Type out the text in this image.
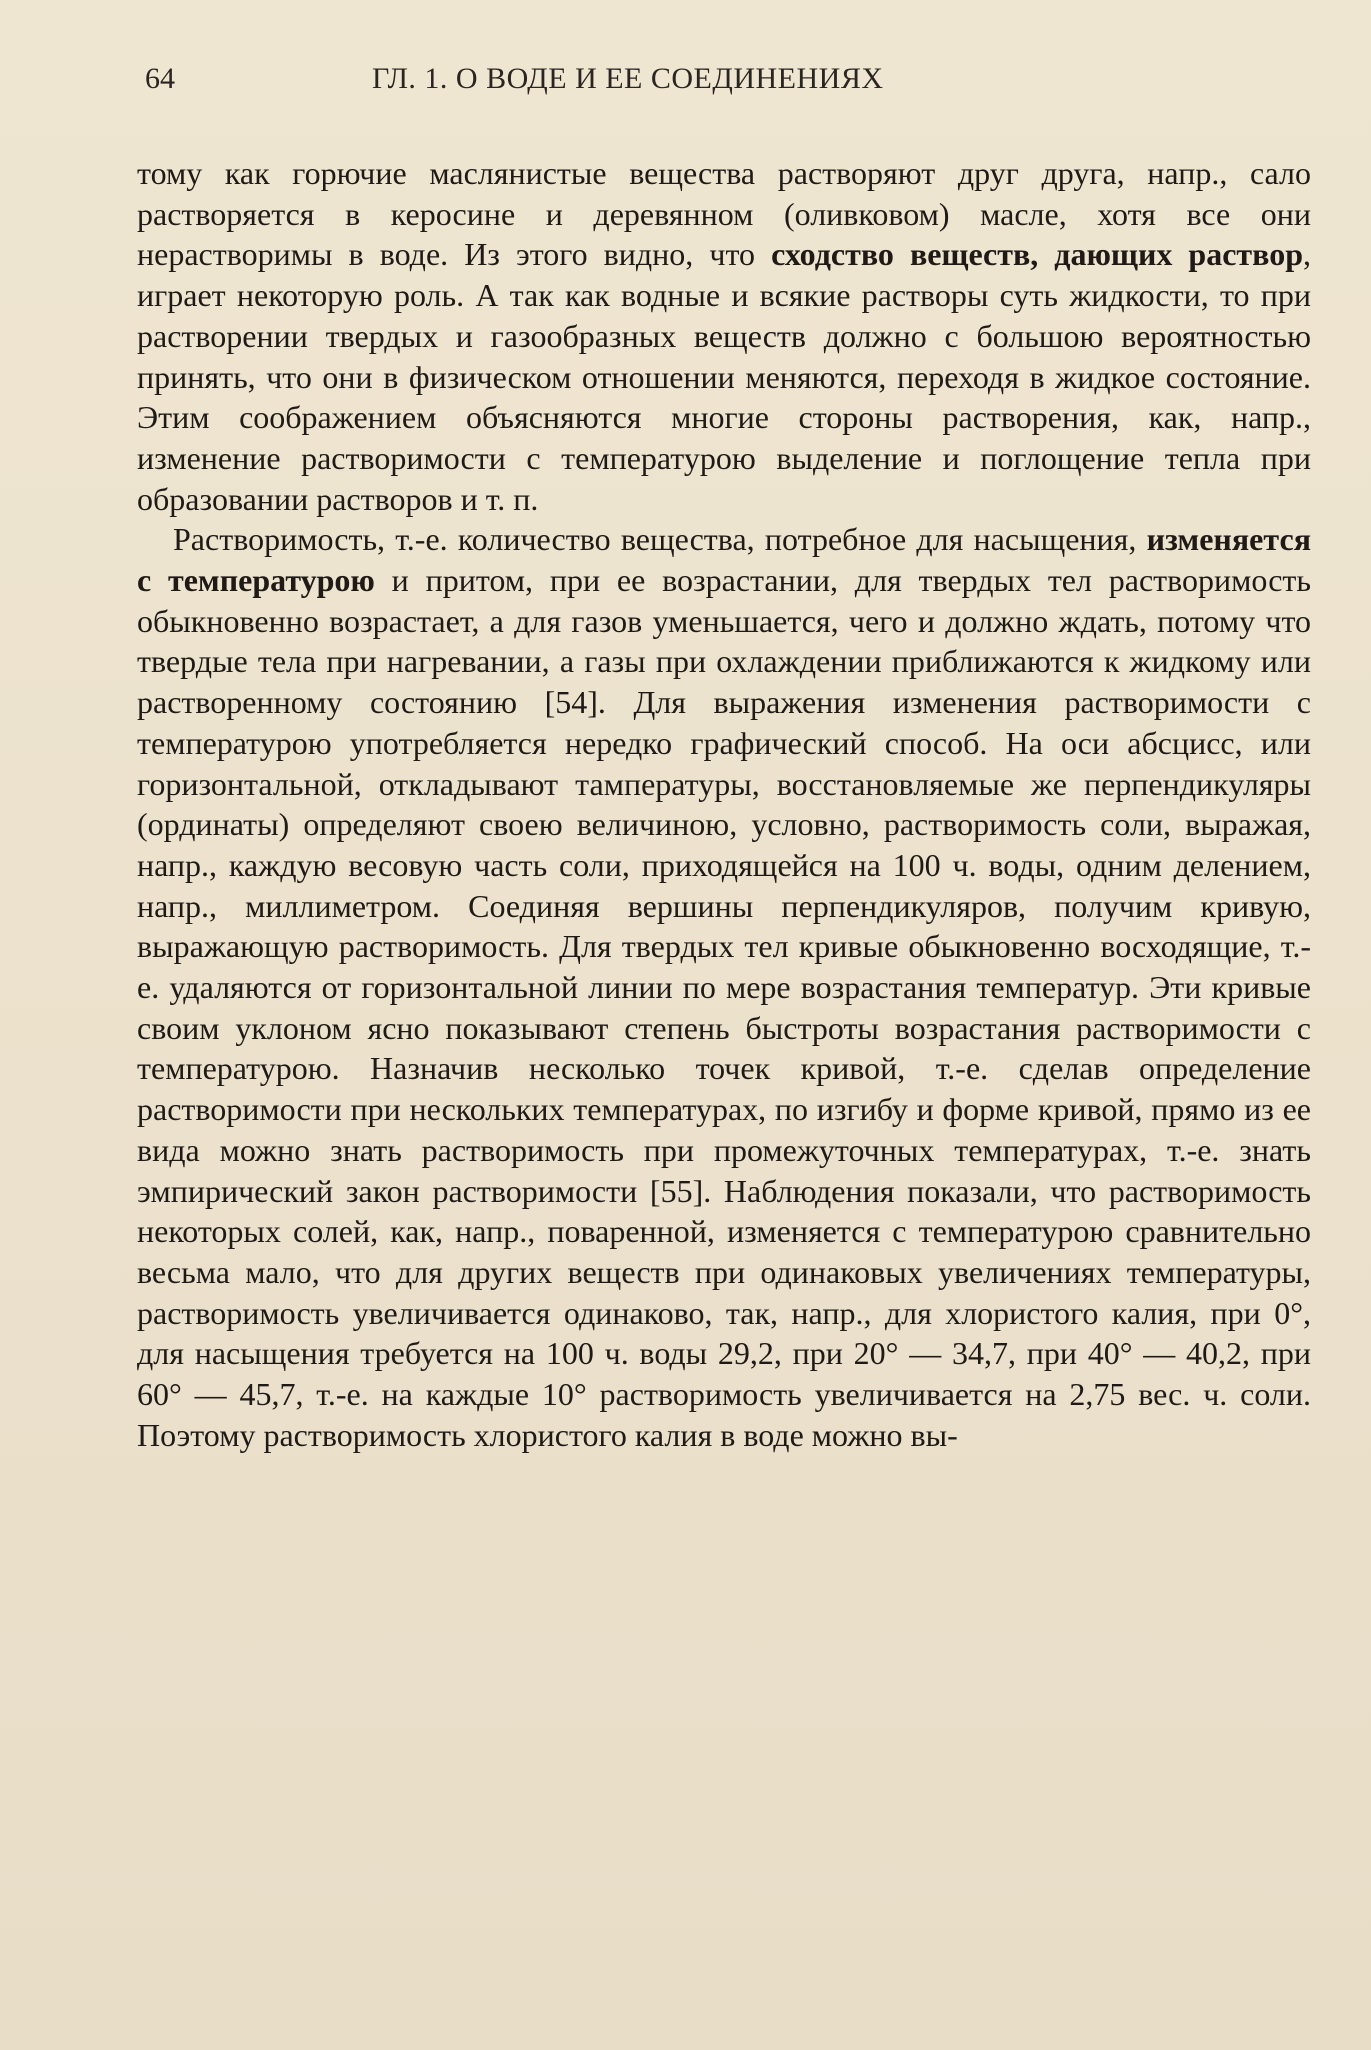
64	ГЛ. 1. О ВОДЕ И ЕЕ СОЕДИНЕНИЯХ

тому как горючие маслянистые вещества растворяют друг друга, напр., сало растворяется в керосине и деревянном (оливковом) масле, хотя все они нерастворимы в воде. Из этого видно, что сходство веществ, дающих раствор, играет некоторую роль. А так как водные и всякие растворы суть жидкости, то при растворении твердых и газообразных веществ должно с большою вероятностью принять, что они в физическом отношении меняются, переходя в жидкое состояние. Этим соображением объясняются многие стороны растворения, как, напр., изменение растворимости с температурою выделение и поглощение тепла при образовании растворов и т. п.

Растворимость, т.-е. количество вещества, потребное для насыщения, изменяется с температурою и притом, при ее возрастании, для твердых тел растворимость обыкновенно возрастает, а для газов уменьшается, чего и должно ждать, потому что твердые тела при нагревании, а газы при охлаждении приближаются к жидкому или растворенному состоянию [54]. Для выражения изменения растворимости с температурою употребляется нередко графический способ. На оси абсцисс, или горизонтальной, откладывают тампературы, восстановляемые же перпендикуляры (ординаты) определяют своею величиною, условно, растворимость соли, выражая, напр., каждую весовую часть соли, приходящейся на 100 ч. воды, одним делением, напр., миллиметром. Соединяя вершины перпендикуляров, получим кривую, выражающую растворимость. Для твердых тел кривые обыкновенно восходящие, т.-е. удаляются от горизонтальной линии по мере возрастания температур. Эти кривые своим уклоном ясно показывают степень быстроты возрастания растворимости с температурою. Назначив несколько точек кривой, т.-е. сделав определение растворимости при нескольких температурах, по изгибу и форме кривой, прямо из ее вида можно знать растворимость при промежуточных температурах, т.-е. знать эмпирический закон растворимости [55]. Наблюдения показали, что растворимость некоторых солей, как, напр., поваренной, изменяется с температурою сравнительно весьма мало, что для других веществ при одинаковых увеличениях температуры, растворимость увеличивается одинаково, так, напр., для хлористого калия, при 0°, для насыщения требуется на 100 ч. воды 29,2, при 20° — 34,7, при 40° — 40,2, при 60° — 45,7, т.-е. на каждые 10° растворимость увеличивается на 2,75 вес. ч. соли. Поэтому растворимость хлористого калия в воде можно вы-
